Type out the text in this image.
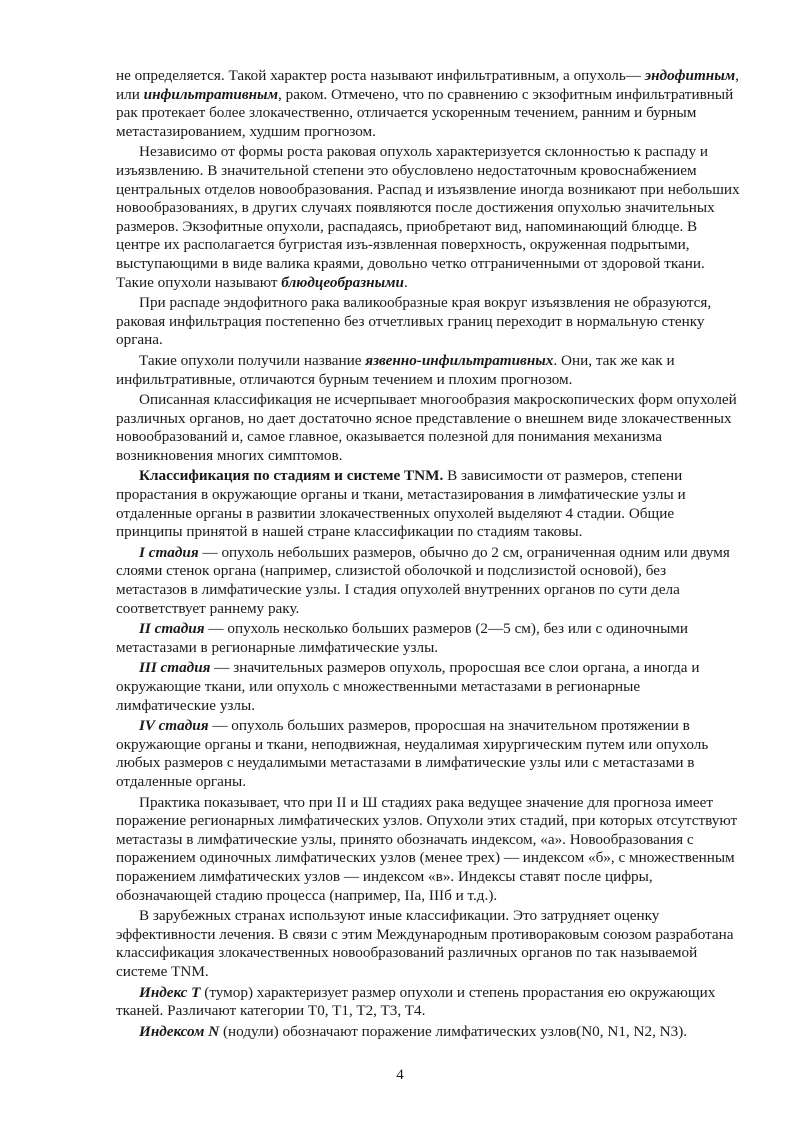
не определяется. Такой характер роста называют инфильтративным, а опухоль— эндофитным, или инфильтративным, раком. Отмечено, что по сравнению с экзофитным инфильтративный рак протекает более злокачественно, отличается ускоренным течением, ранним и бурным метастазированием, худшим прогнозом.

Независимо от формы роста раковая опухоль характеризуется склонностью к распаду и изъязвлению. В значительной степени это обусловлено недостаточным кровоснабжением центральных отделов новообразования. Распад и изъязвление иногда возникают при небольших новообразованиях, в других случаях появляются после достижения опухолью значительных размеров. Экзофитные опухоли, распадаясь, приобретают вид, напоминающий блюдце. В центре их располагается бугристая изъ-язвленная поверхность, окруженная подрытыми, выступающими в виде валика краями, довольно четко отграниченными от здоровой ткани. Такие опухоли называют блюдцеобразными.

При распаде эндофитного рака валикообразные края вокруг изъязвления не образуются, раковая инфильтрация постепенно без отчетливых границ переходит в нормальную стенку органа.

Такие опухоли получили название язвенно-инфильтративных. Они, так же как и инфильтративные, отличаются бурным течением и плохим прогнозом.

Описанная классификация не исчерпывает многообразия макроскопических форм опухолей различных органов, но дает достаточно ясное представление о внешнем виде злокачественных новообразований и, самое главное, оказывается полезной для понимания механизма возникновения многих симптомов.

Классификация по стадиям и системе TNM. В зависимости от размеров, степени прорастания в окружающие органы и ткани, метастазирования в лимфатические узлы и отдаленные органы в развитии злокачественных опухолей выделяют 4 стадии. Общие принципы принятой в нашей стране классификации по стадиям таковы.

I стадия — опухоль небольших размеров, обычно до 2 см, ограниченная одним или двумя слоями стенок органа (например, слизистой оболочкой и подслизистой основой), без метастазов в лимфатические узлы. I стадия опухолей внутренних органов по сути дела соответствует раннему раку.

II стадия — опухоль несколько больших размеров (2—5 см), без или с одиночными метастазами в регионарные лимфатические узлы.

III стадия — значительных размеров опухоль, проросшая все слои органа, а иногда и окружающие ткани, или опухоль с множественными метастазами в регионарные лимфатические узлы.

IV стадия — опухоль больших размеров, проросшая на значительном протяжении в окружающие органы и ткани, неподвижная, неудалимая хирургическим путем или опухоль любых размеров с неудалимыми метастазами в лимфатические узлы или с метастазами в отдаленные органы.

Практика показывает, что при II и Ш стадиях рака ведущее значение для прогноза имеет поражение регионарных лимфатических узлов. Опухоли этих стадий, при которых отсутствуют метастазы в лимфатические узлы, принято обозначать индексом, «а». Новообразования с поражением одиночных лимфатических узлов (менее трех) — индексом «б», с множественным поражением лимфатических узлов — индексом «в». Индексы ставят после цифры, обозначающей стадию процесса (например, IIa, IIIб и т.д.).

В зарубежных странах используют иные классификации. Это затрудняет оценку эффективности лечения. В связи с этим Международным противораковым союзом разработана классификация злокачественных новообразований различных органов по так называемой системе TNM.

Индекс T (тумор) характеризует размер опухоли и степень прорастания ею окружающих тканей. Различают категории T0, T1, T2, T3, T4.

Индексом N (нодули) обозначают поражение лимфатических узлов(N0, N1, N2, N3).

4
